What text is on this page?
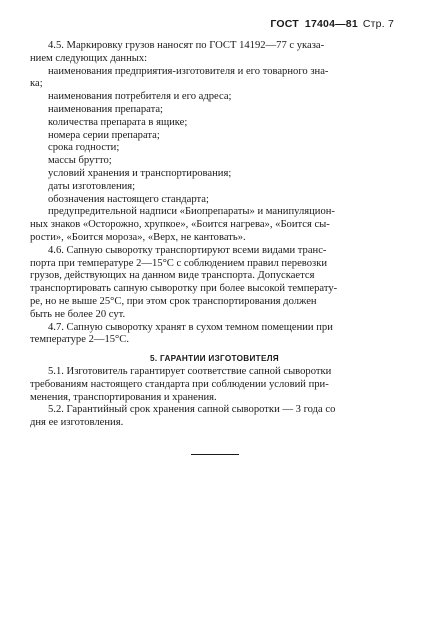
ГОСТ 17404—81 Стр. 7

4.5. Маркировку грузов наносят по ГОСТ 14192—77 с указа-

нием следующих данных:

наименования предприятия-изготовителя и его товарного зна-

ка;

наименования потребителя и его адреса;

наименования препарата;

количества препарата в ящике;

номера серии препарата;

срока годности;

массы брутто;

условий хранения и транспортирования;

даты изготовления;

обозначения настоящего стандарта;

предупредительной надписи «Биопрепараты» и манипуляцион-

ных знаков «Осторожно, хрупкое», «Боится нагрева», «Боится сы-

рости», «Боится мороза», «Верх, не кантовать».

4.6. Сапную сыворотку транспортируют всеми видами транс-

порта при температуре 2—15°С с соблюдением правил перевозки

грузов, действующих на данном виде транспорта. Допускается

транспортировать сапную сыворотку при более высокой температу-

ре, но не выше 25°С, при этом срок транспортирования должен

быть не более 20 сут.

4.7. Сапную сыворотку хранят в сухом темном помещении при

температуре 2—15°С.

5. ГАРАНТИИ ИЗГОТОВИТЕЛЯ

5.1. Изготовитель гарантирует соответствие сапной сыворотки

требованиям настоящего стандарта при соблюдении условий при-

менения, транспортирования и хранения.

5.2. Гарантийный срок хранения сапной сыворотки — 3 года со

дня ее изготовления.
